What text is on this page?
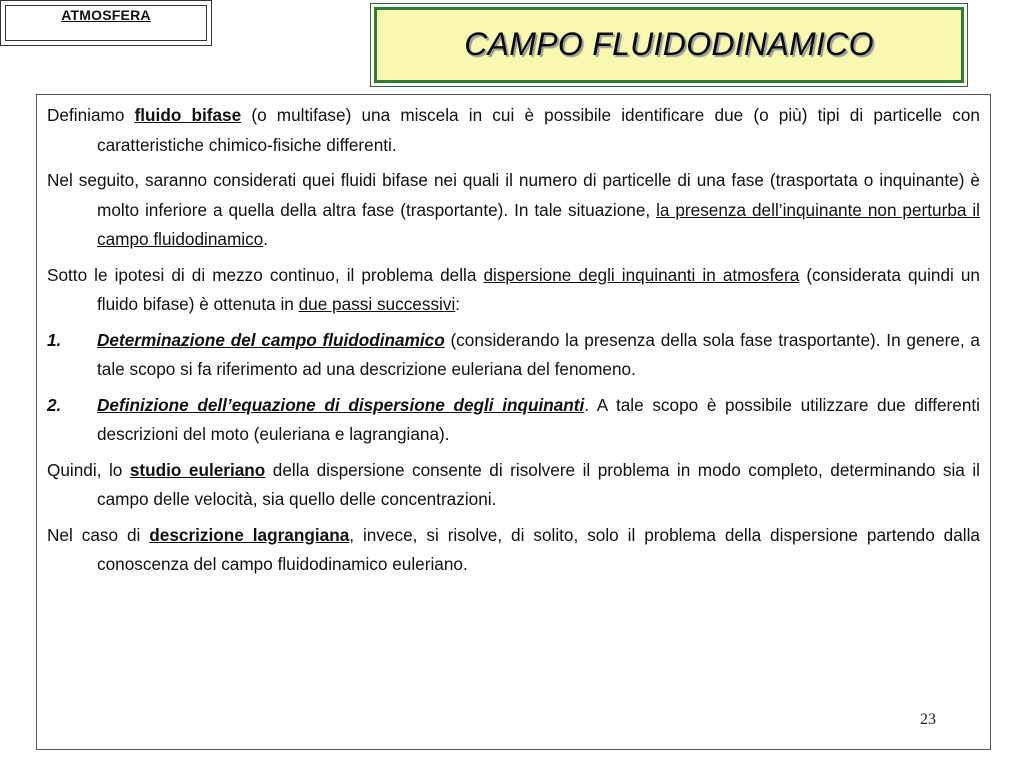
ATMOSFERA
CAMPO FLUIDODINAMICO

Definiamo fluido bifase (o multifase) una miscela in cui è possibile identificare due (o più) tipi di particelle con caratteristiche chimico-fisiche differenti.

Nel seguito, saranno considerati quei fluidi bifase nei quali il numero di particelle di una fase (trasportata o inquinante) è molto inferiore a quella della altra fase (trasportante). In tale situazione, la presenza dell’inquinante non perturba il campo fluidodinamico.

Sotto le ipotesi di di mezzo continuo, il problema della dispersione degli inquinanti in atmosfera (considerata quindi un fluido bifase) è ottenuta in due passi successivi:

1. Determinazione del campo fluidodinamico (considerando la presenza della sola fase trasportante). In genere, a tale scopo si fa riferimento ad una descrizione euleriana del fenomeno.

2. Definizione dell’equazione di dispersione degli inquinanti. A tale scopo è possibile utilizzare due differenti descrizioni del moto (euleriana e lagrangiana).

Quindi, lo studio euleriano della dispersione consente di risolvere il problema in modo completo, determinando sia il campo delle velocità, sia quello delle concentrazioni.

Nel caso di descrizione lagrangiana, invece, si risolve, di solito, solo il problema della dispersione partendo dalla conoscenza del campo fluidodinamico euleriano.

23
